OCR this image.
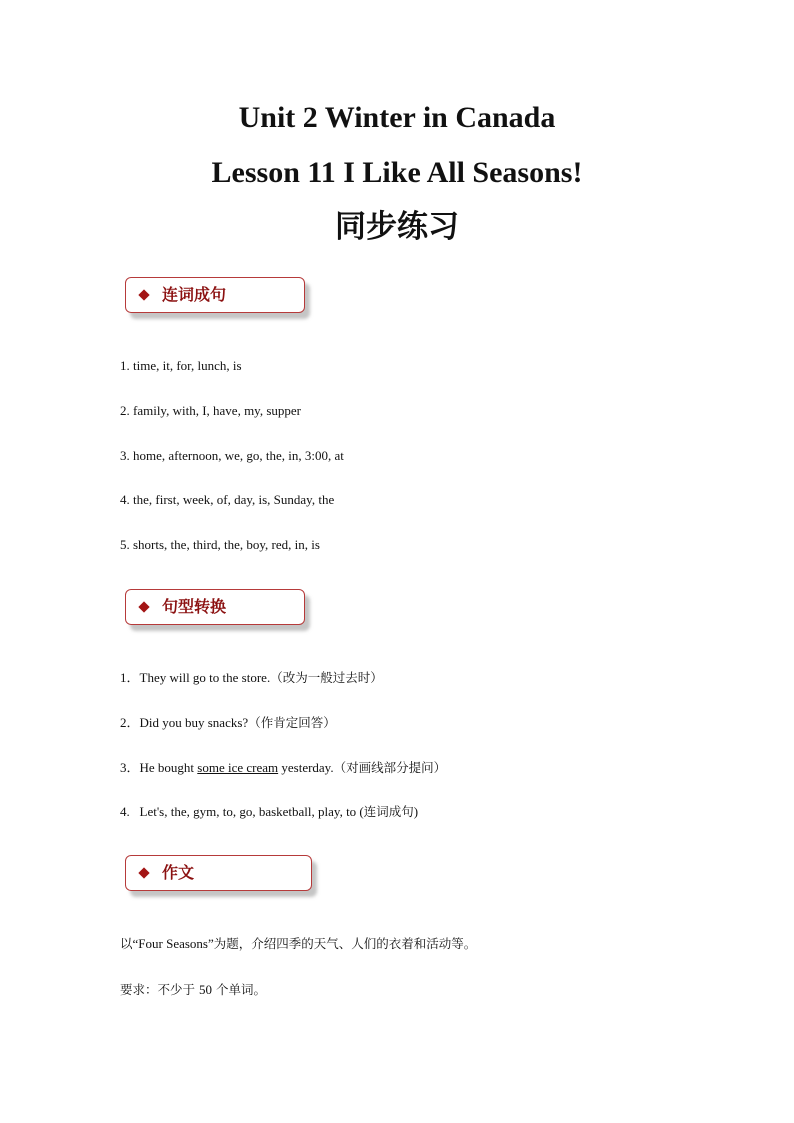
Unit 2 Winter in Canada
Lesson 11 I Like All Seasons!
同步练习
连词成句
1. time, it, for, lunch, is
2. family, with, I, have, my, supper
3. home, afternoon, we, go, the, in, 3:00, at
4. the, first, week, of, day, is, Sunday, the
5. shorts, the, third, the, boy, red, in, is
句型转换
1．They will go to the store.（改为一般过去时）
2．Did you buy snacks?（作肯定回答）
3．He bought some ice cream yesterday.（对画线部分提问）
4.   Let's, the, gym, to, go, basketball, play, to (连词成句)
作文
以“Four Seasons”为题，介绍四季的天气、人们的衣着和活动等。
要求：不少于 50 个单词。
